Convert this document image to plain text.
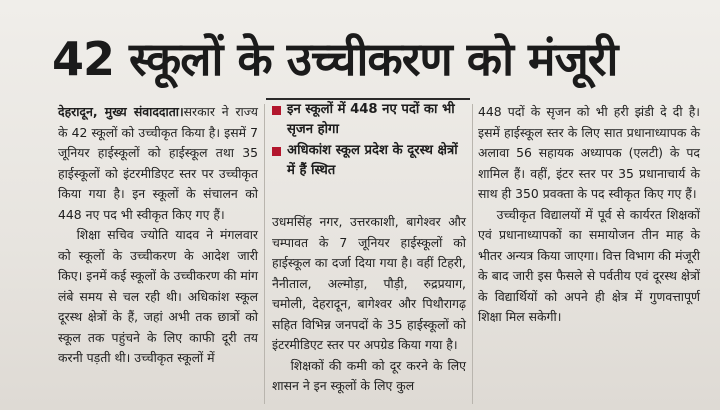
42 स्कूलों के उच्चीकरण को मंजूरी

देहरादून, मुख्य संवाददाता।सरकार ने राज्य के 42 स्कूलों को उच्चीकृत किया है। इसमें 7 जूनियर हाईस्कूलों को हाईस्कूल तथा 35 हाईस्कूलों को इंटरमीडिएट स्तर पर उच्चीकृत किया गया है। इन स्कूलों के संचालन को 448 नए पद भी स्वीकृत किए गए हैं।

शिक्षा सचिव ज्योति यादव ने मंगलवार को स्कूलों के उच्चीकरण के आदेश जारी किए। इनमें कई स्कूलों के उच्चीकरण की मांग लंबे समय से चल रही थी। अधिकांश स्कूल दूरस्थ क्षेत्रों के हैं, जहां अभी तक छात्रों को स्कूल तक पहुंचने के लिए काफी दूरी तय करनी पड़ती थी। उच्चीकृत स्कूलों में

इन स्कूलों में 448 नए पदों का भी सृजन होगा
अधिकांश स्कूल प्रदेश के दूरस्थ क्षेत्रों में हैं स्थित

उधमसिंह नगर, उत्तरकाशी, बागेश्वर और चम्पावत के 7 जूनियर हाईस्कूलों को हाईस्कूल का दर्जा दिया गया है। वहीं टिहरी, नैनीताल, अल्मोड़ा, पौड़ी, रुद्रप्रयाग, चमोली, देहरादून, बागेश्वर और पिथौरागढ़ सहित विभिन्न जनपदों के 35 हाईस्कूलों को इंटरमीडिएट स्तर पर अपग्रेड किया गया है।

शिक्षकों की कमी को दूर करने के लिए शासन ने इन स्कूलों के लिए कुल

448 पदों के सृजन को भी हरी झंडी दे दी है। इसमें हाईस्कूल स्तर के लिए सात प्रधानाध्यापक के अलावा 56 सहायक अध्यापक (एलटी) के पद शामिल हैं। वहीं, इंटर स्तर पर 35 प्रधानाचार्य के साथ ही 350 प्रवक्ता के पद स्वीकृत किए गए हैं।

उच्चीकृत विद्यालयों में पूर्व से कार्यरत शिक्षकों एवं प्रधानाध्यापकों का समायोजन तीन माह के भीतर अन्यत्र किया जाएगा। वित्त विभाग की मंजूरी के बाद जारी इस फैसले से पर्वतीय एवं दूरस्थ क्षेत्रों के विद्यार्थियों को अपने ही क्षेत्र में गुणवत्तापूर्ण शिक्षा मिल सकेगी।
